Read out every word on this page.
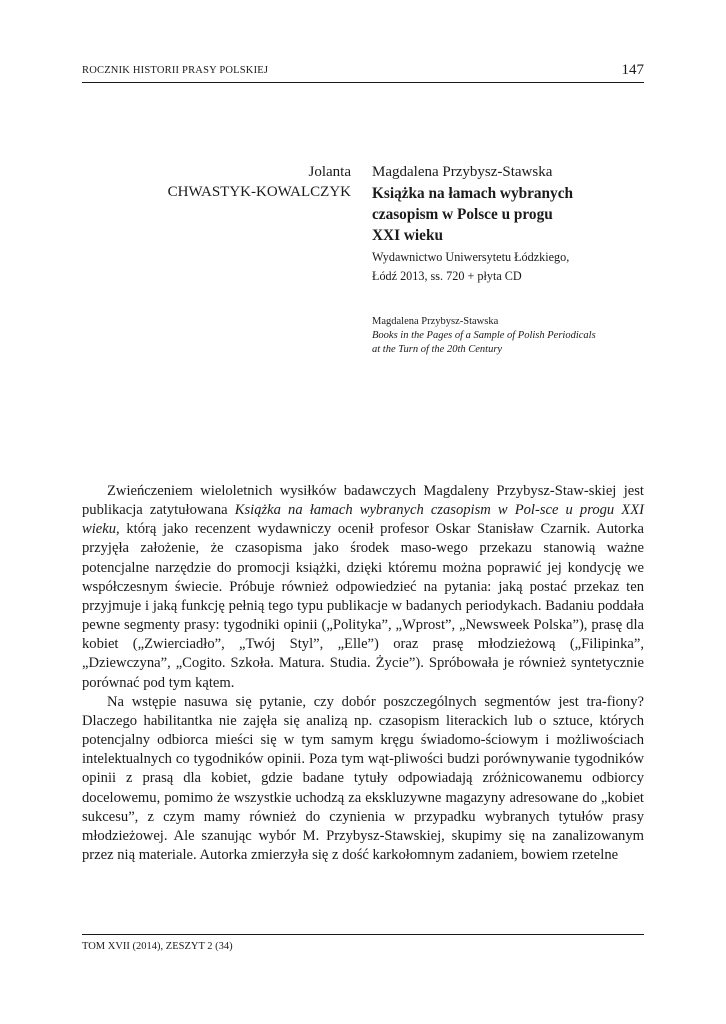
ROCZNIK HISTORII PRASY POLSKIEJ	147
Jolanta
CHWASTYK-KOWALCZYK
Magdalena Przybysz-Stawska
Książka na łamach wybranych
czasopism w Polsce u progu
XXI wieku
Wydawnictwo Uniwersytetu Łódzkiego,
Łódź 2013, ss. 720 + płyta CD
Magdalena Przybysz-Stawska
Books in the Pages of a Sample of Polish Periodicals
at the Turn of the 20th Century

Zwieńczeniem wieloletnich wysiłków badawczych Magdaleny Przybysz-Staw-skiej jest publikacja zatytułowana Książka na łamach wybranych czasopism w Pol-sce u progu XXI wieku, którą jako recenzent wydawniczy ocenił profesor Oskar Stanisław Czarnik. Autorka przyjęła założenie, że czasopisma jako środek maso-wego przekazu stanowią ważne potencjalne narzędzie do promocji książki, dzięki któremu można poprawić jej kondycję we współczesnym świecie. Próbuje również odpowiedzieć na pytania: jaką postać przekaz ten przyjmuje i jaką funkcję pełnią tego typu publikacje w badanych periodykach. Badaniu poddała pewne segmenty prasy: tygodniki opinii („Polityka”, „Wprost”, „Newsweek Polska”), prasę dla kobiet („Zwierciadło”, „Twój Styl”, „Elle”) oraz prasę młodzieżową („Filipinka”, „Dziewczyna”, „Cogito. Szkoła. Matura. Studia. Życie”). Spróbowała je również syntetycznie porównać pod tym kątem.

Na wstępie nasuwa się pytanie, czy dobór poszczególnych segmentów jest tra-fiony? Dlaczego habilitantka nie zajęła się analizą np. czasopism literackich lub o sztuce, których potencjalny odbiorca mieści się w tym samym kręgu świadomo-ściowym i możliwościach intelektualnych co tygodników opinii. Poza tym wąt-pliwości budzi porównywanie tygodników opinii z prasą dla kobiet, gdzie badane tytuły odpowiadają zróżnicowanemu odbiorcy docelowemu, pomimo że wszystkie uchodzą za ekskluzywne magazyny adresowane do „kobiet sukcesu”, z czym mamy również do czynienia w przypadku wybranych tytułów prasy młodzieżowej. Ale szanując wybór M. Przybysz-Stawskiej, skupimy się na zanalizowanym przez nią materiale. Autorka zmierzyła się z dość karkołomnym zadaniem, bowiem rzetelne

TOM XVII (2014), ZESZYT 2 (34)
